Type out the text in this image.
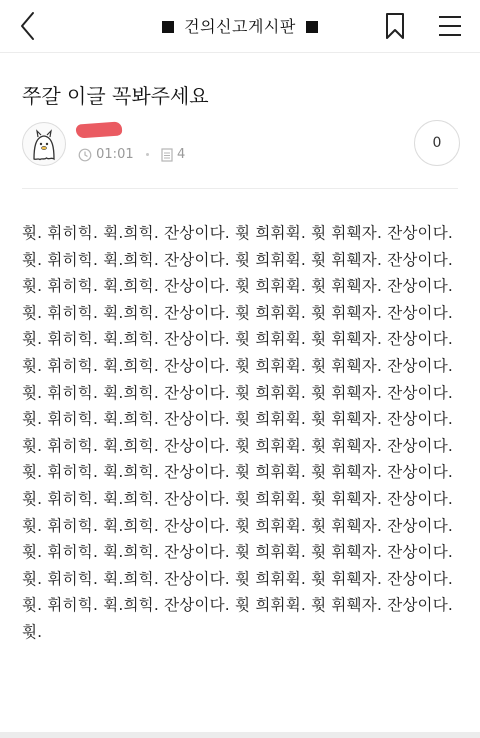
건의신고게시판
쭈갈 이글 꼭봐주세요
01:01	4
0

휫. 휘히힉. 휙.희힉. 잔상이다. 휫 희휘휙. 휫 휘훽자. 잔상이다. 휫. 휘히힉. 휙.희힉. 잔상이다. 휫 희휘휙. 휫 휘훽자. 잔상이다. 휫. 휘히힉. 휙.희힉. 잔상이다. 휫 희휘휙. 휫 휘훽자. 잔상이다. 휫. 휘히힉. 휙.희힉. 잔상이다. 휫 희휘휙. 휫 휘훽자. 잔상이다.휫. 휘히힉. 휙.희힉. 잔상이다. 휫 희휘휙. 휫 휘훽자. 잔상이다. 휫. 휘히힉. 휙.희힉. 잔상이다. 휫 희휘휙. 휫 휘훽자. 잔상이다. 휫. 휘히힉. 휙.희힉. 잔상이다. 휫 희휘휙. 휫 휘훽자. 잔상이다. 휫. 휘히힉. 휙.희힉. 잔상이다. 휫 희휘휙. 휫 휘훽자. 잔상이다.휫. 휘히힉. 휙.희힉. 잔상이다. 휫 희휘휙. 휫 휘훽자. 잔상이다. 휫. 휘히힉. 휙.희힉. 잔상이다. 휫 희휘휙. 휫 휘훽자. 잔상이다. 휫. 휘히힉. 휙.희힉. 잔상이다. 휫 희휘휙. 휫 휘훽자. 잔상이다. 휫. 휘히힉. 휙.희힉. 잔상이다. 휫 희휘휙. 휫 휘훽자. 잔상이다.휫. 휘히힉. 휙.희힉. 잔상이다. 휫 희휘휙. 휫 휘훽자. 잔상이다. 휫. 휘히힉. 휙.희힉. 잔상이다. 휫 희휘휙. 휫 휘훽자. 잔상이다. 휫. 휘히힉. 휙.희힉. 잔상이다. 휫 희휘휙. 휫 휘훽자. 잔상이다. 휫.
